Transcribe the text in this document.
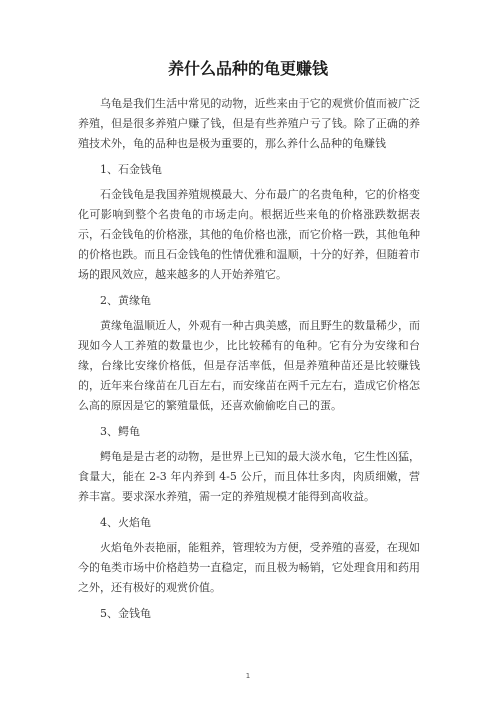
养什么品种的龟更赚钱

乌龟是我们生活中常见的动物，近些来由于它的观赏价值而被广泛养殖，但是很多养殖户赚了钱，但是有些养殖户亏了钱。除了正确的养殖技术外，龟的品种也是极为重要的，那么养什么品种的龟赚钱

1、石金钱龟

石金钱龟是我国养殖规模最大、分布最广的名贵龟种，它的价格变化可影响到整个名贵龟的市场走向。根据近些来龟的价格涨跌数据表示，石金钱龟的价格涨，其他的龟价格也涨，而它价格一跌，其他龟种的价格也跌。而且石金钱龟的性情优雅和温顺，十分的好养，但随着市场的跟风效应，越来越多的人开始养殖它。

2、黄缘龟

黄缘龟温顺近人，外观有一种古典美感，而且野生的数量稀少，而现如今人工养殖的数量也少，比比较稀有的龟种。它有分为安缘和台缘，台缘比安缘价格低，但是存活率低，但是养殖种苗还是比较赚钱的，近年来台缘苗在几百左右，而安缘苗在两千元左右，造成它价格怎么高的原因是它的繁殖量低，还喜欢偷偷吃自己的蛋。

3、鳄龟

鳄龟是是古老的动物，是世界上已知的最大淡水龟，它生性凶猛，食量大，能在 2-3 年内养到 4-5 公斤，而且体壮多肉，肉质细嫩，营养丰富。要求深水养殖，需一定的养殖规模才能得到高收益。

4、火焰龟

火焰龟外表艳丽，能粗养，管理较为方便，受养殖的喜爱，在现如今的龟类市场中价格趋势一直稳定，而且极为畅销，它处理食用和药用之外，还有极好的观赏价值。

5、金钱龟

1
